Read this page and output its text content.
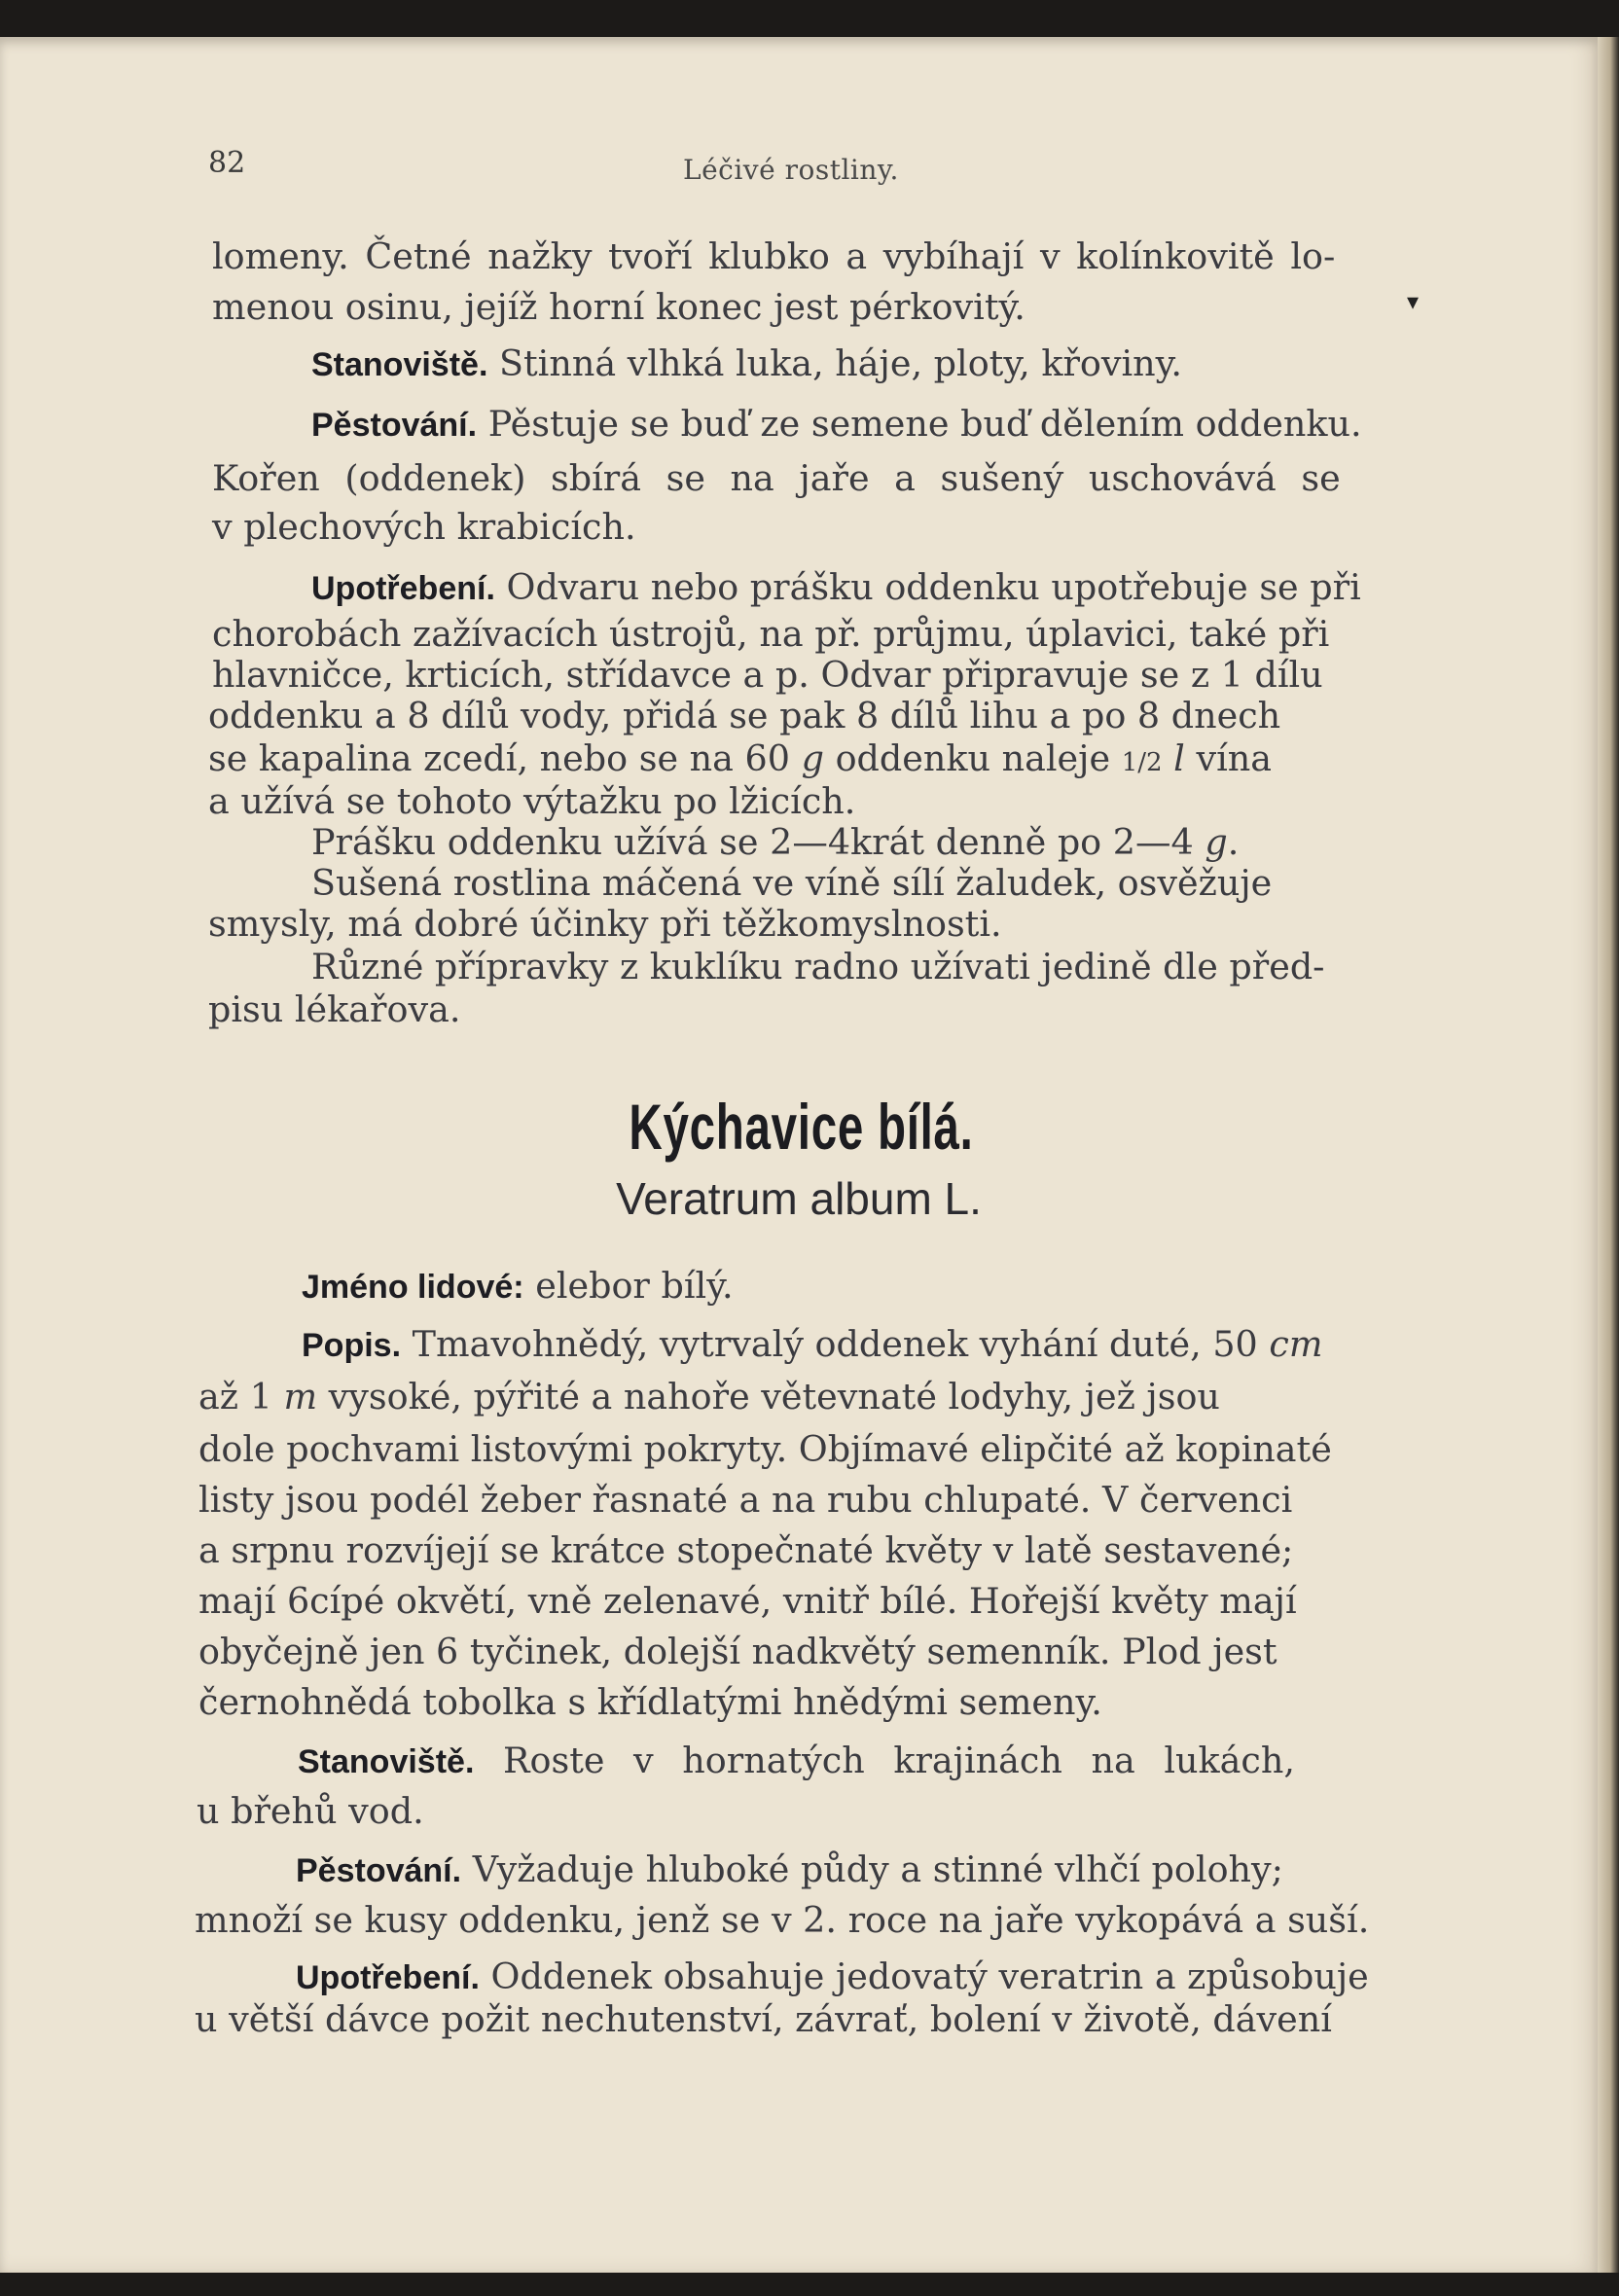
82	Léčivé rostliny.
lomeny. Četné nažky tvoří klubko a vybíhají v kolínkovitě lo-
menou osinu, jejíž horní konec jest pérkovitý.	▾
Stanoviště. Stinná vlhká luka, háje, ploty, křoviny.
Pěstování. Pěstuje se buď ze semene buď dělením oddenku.
Kořen (oddenek) sbírá se na jaře a sušený uschovává se
v plechových krabicích.
Upotřebení. Odvaru nebo prášku oddenku upotřebuje se při
chorobách zažívacích ústrojů, na př. průjmu, úplavici, také při
hlavničce, krticích, střídavce a p. Odvar připravuje se z 1 dílu
oddenku a 8 dílů vody, přidá se pak 8 dílů lihu a po 8 dnech
se kapalina zcedí, nebo se na 60 g oddenku naleje 1/2 l vína
a užívá se tohoto výtažku po lžicích.
Prášku oddenku užívá se 2—4krát denně po 2—4 g.
Sušená rostlina máčená ve víně sílí žaludek, osvěžuje
smysly, má dobré účinky při těžkomyslnosti.
Různé přípravky z kuklíku radno užívati jedině dle před-
pisu lékařova.
Kýchavice bílá.
Veratrum album L.
Jméno lidové: elebor bílý.
Popis. Tmavohnědý, vytrvalý oddenek vyhání duté, 50 cm
až 1 m vysoké, pýřité a nahoře větevnaté lodyhy, jež jsou
dole pochvami listovými pokryty. Objímavé elipčité až kopinaté
listy jsou podél žeber řasnaté a na rubu chlupaté. V červenci
a srpnu rozvíjejí se krátce stopečnaté květy v latě sestavené;
mají 6cípé okvětí, vně zelenavé, vnitř bílé. Hořejší květy mají
obyčejně jen 6 tyčinek, dolejší nadkvětý semenník. Plod jest
černohnědá tobolka s křídlatými hnědými semeny.
Stanoviště. Roste v hornatých krajinách na lukách,
u břehů vod.
Pěstování. Vyžaduje hluboké půdy a stinné vlhčí polohy;
množí se kusy oddenku, jenž se v 2. roce na jaře vykopává a suší.
Upotřebení. Oddenek obsahuje jedovatý veratrin a způsobuje
u větší dávce požit nechutenství, závrať, bolení v životě, dávení
